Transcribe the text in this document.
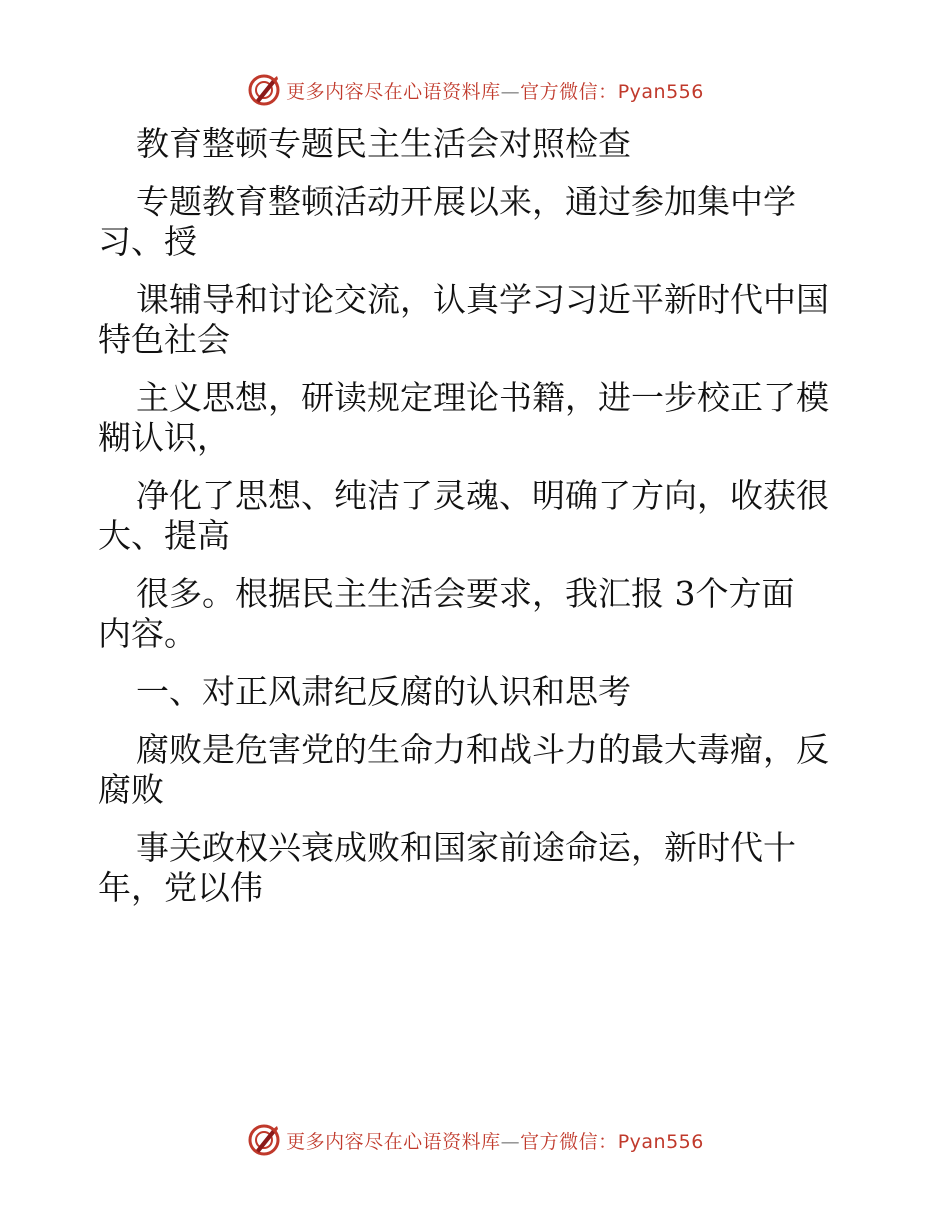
更多内容尽在心语资料库—官方微信：Pyan556

教育整顿专题民主生活会对照检查

专题教育整顿活动开展以来，通过参加集中学

习、授

课辅导和讨论交流，认真学习习近平新时代中国

特色社会

主义思想，研读规定理论书籍，进一步校正了模

糊认识，

净化了思想、纯洁了灵魂、明确了方向，收获很

大、提高

很多。根据民主生活会要求，我汇报 3个方面

内容。

一、对正风肃纪反腐的认识和思考

腐败是危害党的生命力和战斗力的最大毒瘤，反

腐败

事关政权兴衰成败和国家前途命运，新时代十

年，党以伟

更多内容尽在心语资料库—官方微信：Pyan556
